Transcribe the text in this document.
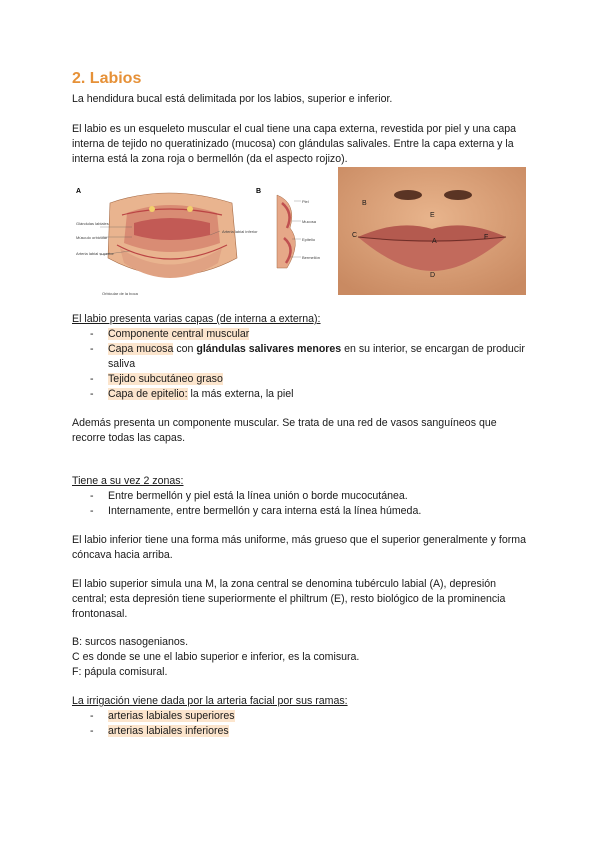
2. Labios

La hendidura bucal está delimitada por los labios, superior e inferior.

El labio es un esqueleto muscular el cual tiene una capa externa, revestida por piel y una capa interna de tejido no queratinizado (mucosa) con glándulas salivales. Entre la capa externa y la interna está la zona roja o bermellón (da el aspecto rojizo).

A
Glándulas labiales
Músculo orbicular
Arteria labial superior
Arteria labial inferior
Orbicular de la boca
B
Piel
Mucosa
Epitelio
Bermellón
B
E
C
A
F
D

El labio presenta varias capas (de interna a externa):

- Componente central muscular
- Capa mucosa con glándulas salivares menores en su interior, se encargan de producir saliva
- Tejido subcutáneo graso
- Capa de epitelio: la más externa, la piel

Además presenta un componente muscular. Se trata de una red de vasos sanguíneos que recorre todas las capas.

Tiene a su vez 2 zonas:

- Entre bermellón y piel está la línea unión o borde mucocutánea.
- Internamente, entre bermellón y cara interna está la línea húmeda.

El labio inferior tiene una forma más uniforme, más grueso que el superior generalmente y forma cóncava hacia arriba.

El labio superior simula una M, la zona central se denomina tubérculo labial (A), depresión central; esta depresión tiene superiormente el philtrum (E), resto biológico de la prominencia frontonasal.

B: surcos nasogenianos.

C es donde se une el labio superior e inferior, es la comisura.

F: pápula comisural.

La irrigación viene dada por la arteria facial por sus ramas:

- arterias labiales superiores
- arterias labiales inferiores
